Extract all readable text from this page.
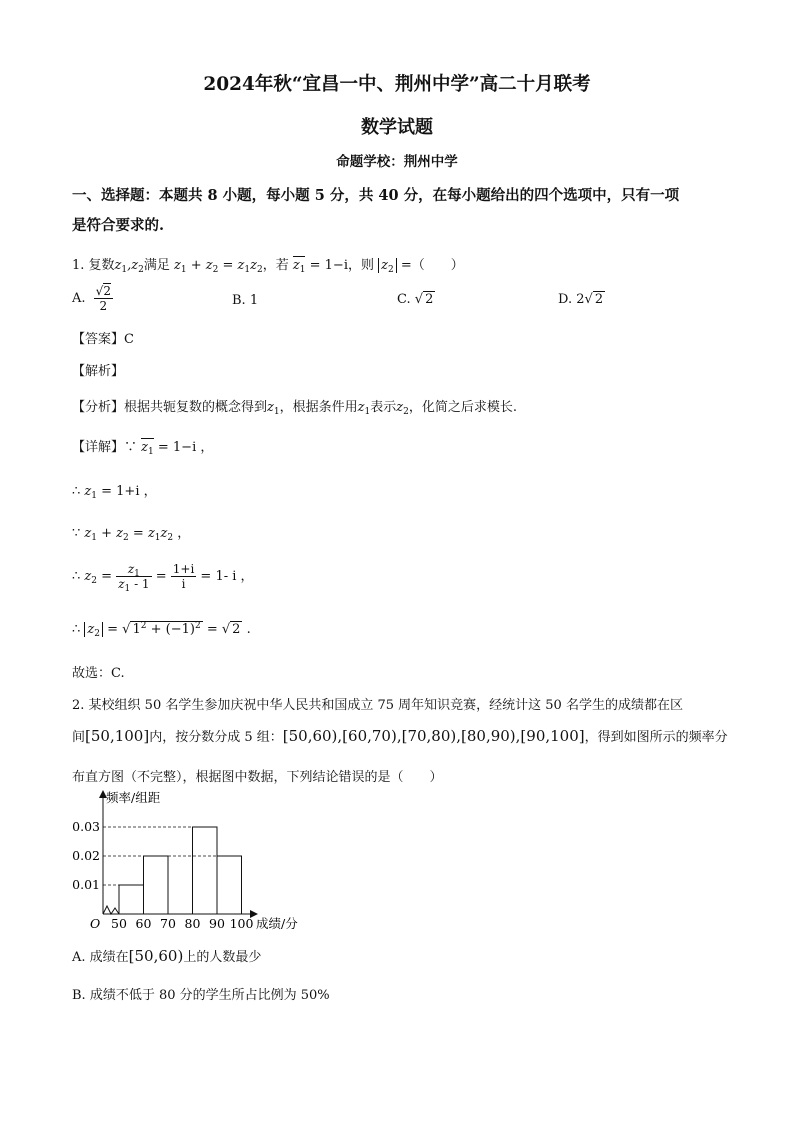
2024年秋“宜昌一中、荆州中学”高二十月联考
数学试题
命题学校：荆州中学
一、选择题：本题共 8 小题，每小题 5 分，共 40 分，在每小题给出的四个选项中，只有一项
是符合要求的.
1. 复数$z_1,z_2$满足 $z_1 + z_2 = z_1z_2$，若 $z_1 = 1-i$，则 $z_2$ =（　　）
A. $\frac{√2}{2}$	B. 1	C. √ 2	D. 2√ 2
【答案】C
【解析】
【分析】根据共轭复数的概念得到$z_1$，根据条件用$z_1$表示$z_2$，化简之后求模长.
【详解】∵ $z_1 = 1-i$ ，
∴ $z_1 = 1+i$ ，
∵ $z_1 + z_2 = z_1z_2$ ，
∴ $z_2 = \frac{z_1}{z_1 - 1} = \frac{1+i}{i} = 1-$ i ，
∴ $z_2$ = √ $1^2 + (-1)^2$ = √ 2 .
故选：C.
2. 某校组织 50 名学生参加庆祝中华人民共和国成立 75 周年知识竞赛，经统计这 50 名学生的成绩都在区
间[50,100]内，按分数分成 5 组：[50,60),[60,70),[70,80),[80,90),[90,100]，得到如图所示的频率分
布直方图（不完整），根据图中数据，下列结论错误的是（　　）
0.01
0.02
0.03
50 60 70 80 90 100
频率/组距
成绩/分
O
A. 成绩在[50,60)上的人数最少
B. 成绩不低于 80 分的学生所占比例为 50%
